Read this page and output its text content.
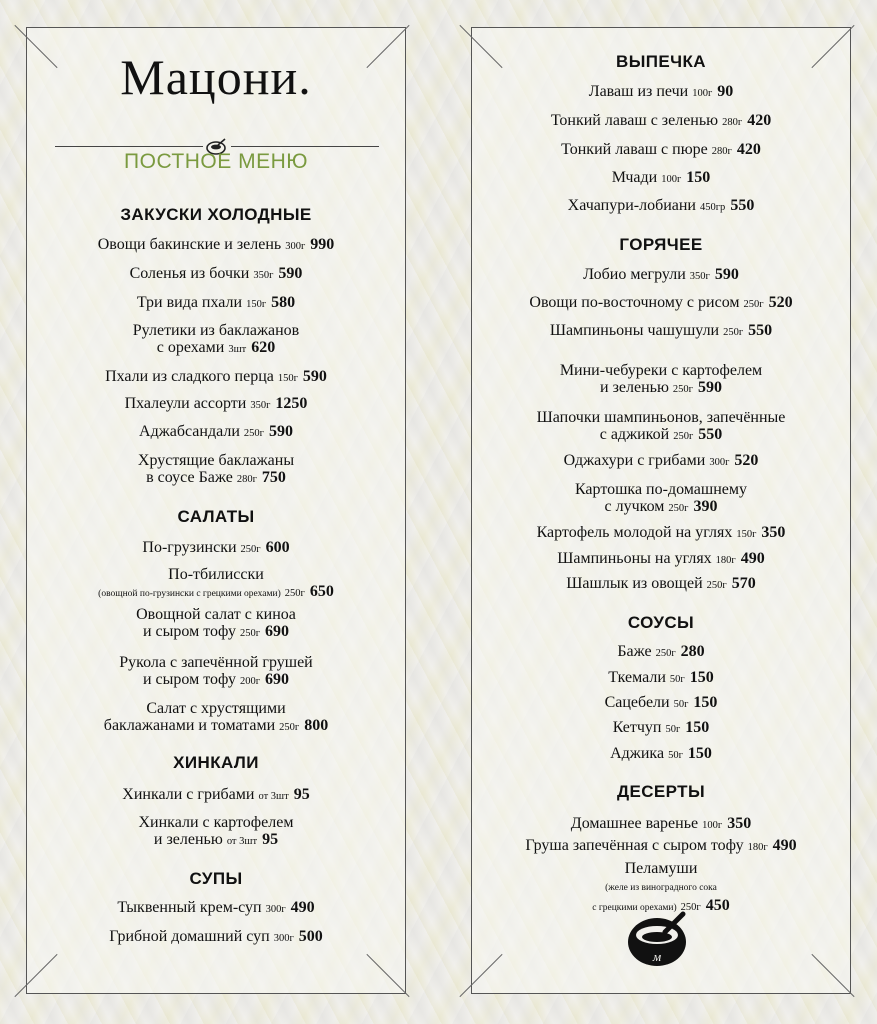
Мацони.
ПОСТНОЕ МЕНЮ
ЗАКУСКИ ХОЛОДНЫЕ
Овощи бакинские и зелень 300г 990
Соленья из бочки 350г 590
Три вида пхали 150г 580
Рулетики из баклажанов
с орехами 3шт 620
Пхали из сладкого перца 150г 590
Пхалеули ассорти 350г 1250
Аджабсандали 250г 590
Хрустящие баклажаны
в соусе Баже 280г 750
САЛАТЫ
По-грузински 250г 600
По-тбилисски
(овощной по-грузински с грецкими орехами) 250г 650
Овощной салат с киноа
и сыром тофу 250г 690
Рукола с запечённой грушей
и сыром тофу 200г 690
Салат с хрустящими
баклажанами и томатами 250г 800
ХИНКАЛИ
Хинкали с грибами от 3шт 95
Хинкали с картофелем
и зеленью от 3шт 95
СУПЫ
Тыквенный крем-суп 300г 490
Грибной домашний суп 300г 500
м
ВЫПЕЧКА
Лаваш из печи 100г 90
Тонкий лаваш с зеленью 280г 420
Тонкий лаваш с пюре 280г 420
Мчади 100г 150
Хачапури-лобиани 450гр 550
ГОРЯЧЕЕ
Лобио мегрули 350г 590
Овощи по-восточному с рисом 250г 520
Шампиньоны чашушули 250г 550
Мини-чебуреки с картофелем
и зеленью 250г 590
Шапочки шампиньонов, запечённые
с аджикой 250г 550
Оджахури с грибами 300г 520
Картошка по-домашнему
с лучком 250г 390
Картофель молодой на углях 150г 350
Шампиньоны на углях 180г 490
Шашлык из овощей 250г 570
СОУСЫ
Баже 250г 280
Ткемали 50г 150
Сацебели 50г 150
Кетчуп 50г 150
Аджика 50г 150
ДЕСЕРТЫ
Домашнее варенье 100г 350
Груша запечённая с сыром тофу 180г 490
Пеламуши
(желе из виноградного сока
с грецкими орехами) 250г 450
